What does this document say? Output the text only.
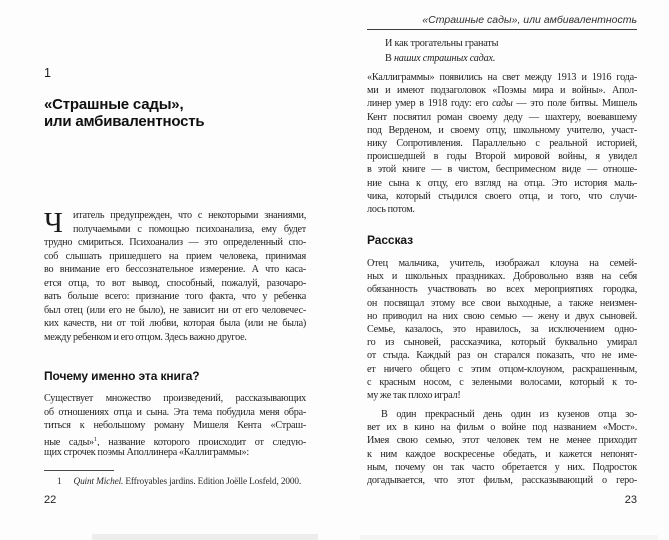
1
«Страшные сады»,
или амбивалентность
Ч итатель предупрежден, что с некоторыми знаниями,
получаемыми с помощью психоанализа, ему будет
трудно смириться. Психоанализ — это определенный спо-
соб слышать пришедшего на прием человека, принимая
во внимание его бессознательное измерение. А что каса-
ется отца, то вот вывод, способный, пожалуй, разочаро-
вать больше всего: признание того факта, что у ребенка
был отец (или его не было), не зависит ни от его человечес-
ких качеств, ни от той любви, которая была (или не была)
между ребенком и его отцом. Здесь важно другое.
Почему именно эта книга?
Существует множество произведений, рассказывающих
об отношениях отца и сына. Эта тема побудила меня обра-
титься к небольшому роману Мишеля Кента «Страш-
ные сады»$^1$, название которого происходит от следую-
щих строчек поэмы Аполлинера «Каллиграммы»:
1 Quint Michel. Effroyables jardins. Edition Joëlle Losfeld, 2000.
22
«Страшные сады», или амбивалентность
И как трогательны гранаты
В наших страшных садах.
«Каллиграммы» появились на свет между 1913 и 1916 года-
ми и имеют подзаголовок «Поэмы мира и войны». Апол-
линер умер в 1918 году: его сады — это поле битвы. Мишель
Кент посвятил роман своему деду — шахтеру, воевавшему
под Верденом, и своему отцу, школьному учителю, участ-
нику Сопротивления. Параллельно с реальной историей,
происшедшей в годы Второй мировой войны, я увидел
в этой книге — в чистом, беспримесном виде — отноше-
ние сына к отцу, его взгляд на отца. Это история маль-
чика, который стыдился своего отца, и того, что случи-
лось потом.
Рассказ
Отец мальчика, учитель, изображал клоуна на семей-
ных и школьных праздниках. Добровольно взяв на себя
обязанность участвовать во всех мероприятиях городка,
он посвящал этому все свои выходные, а также неизмен-
но приводил на них свою семью — жену и двух сыновей.
Семье, казалось, это нравилось, за исключением одно-
го из сыновей, рассказчика, который буквально умирал
от стыда. Каждый раз он старался показать, что не име-
ет ничего общего с этим отцом-клоуном, раскрашенным,
с красным носом, с зелеными волосами, который к то-
му же так плохо играл!
В один прекрасный день один из кузенов отца зо-
вет их в кино на фильм о войне под названием «Мост».
Имея свою семью, этот человек тем не менее приходит
к ним каждое воскресенье обедать, и кажется непонят-
ным, почему он так часто обретается у них. Подросток
догадывается, что этот фильм, рассказывающий о геро-
23
